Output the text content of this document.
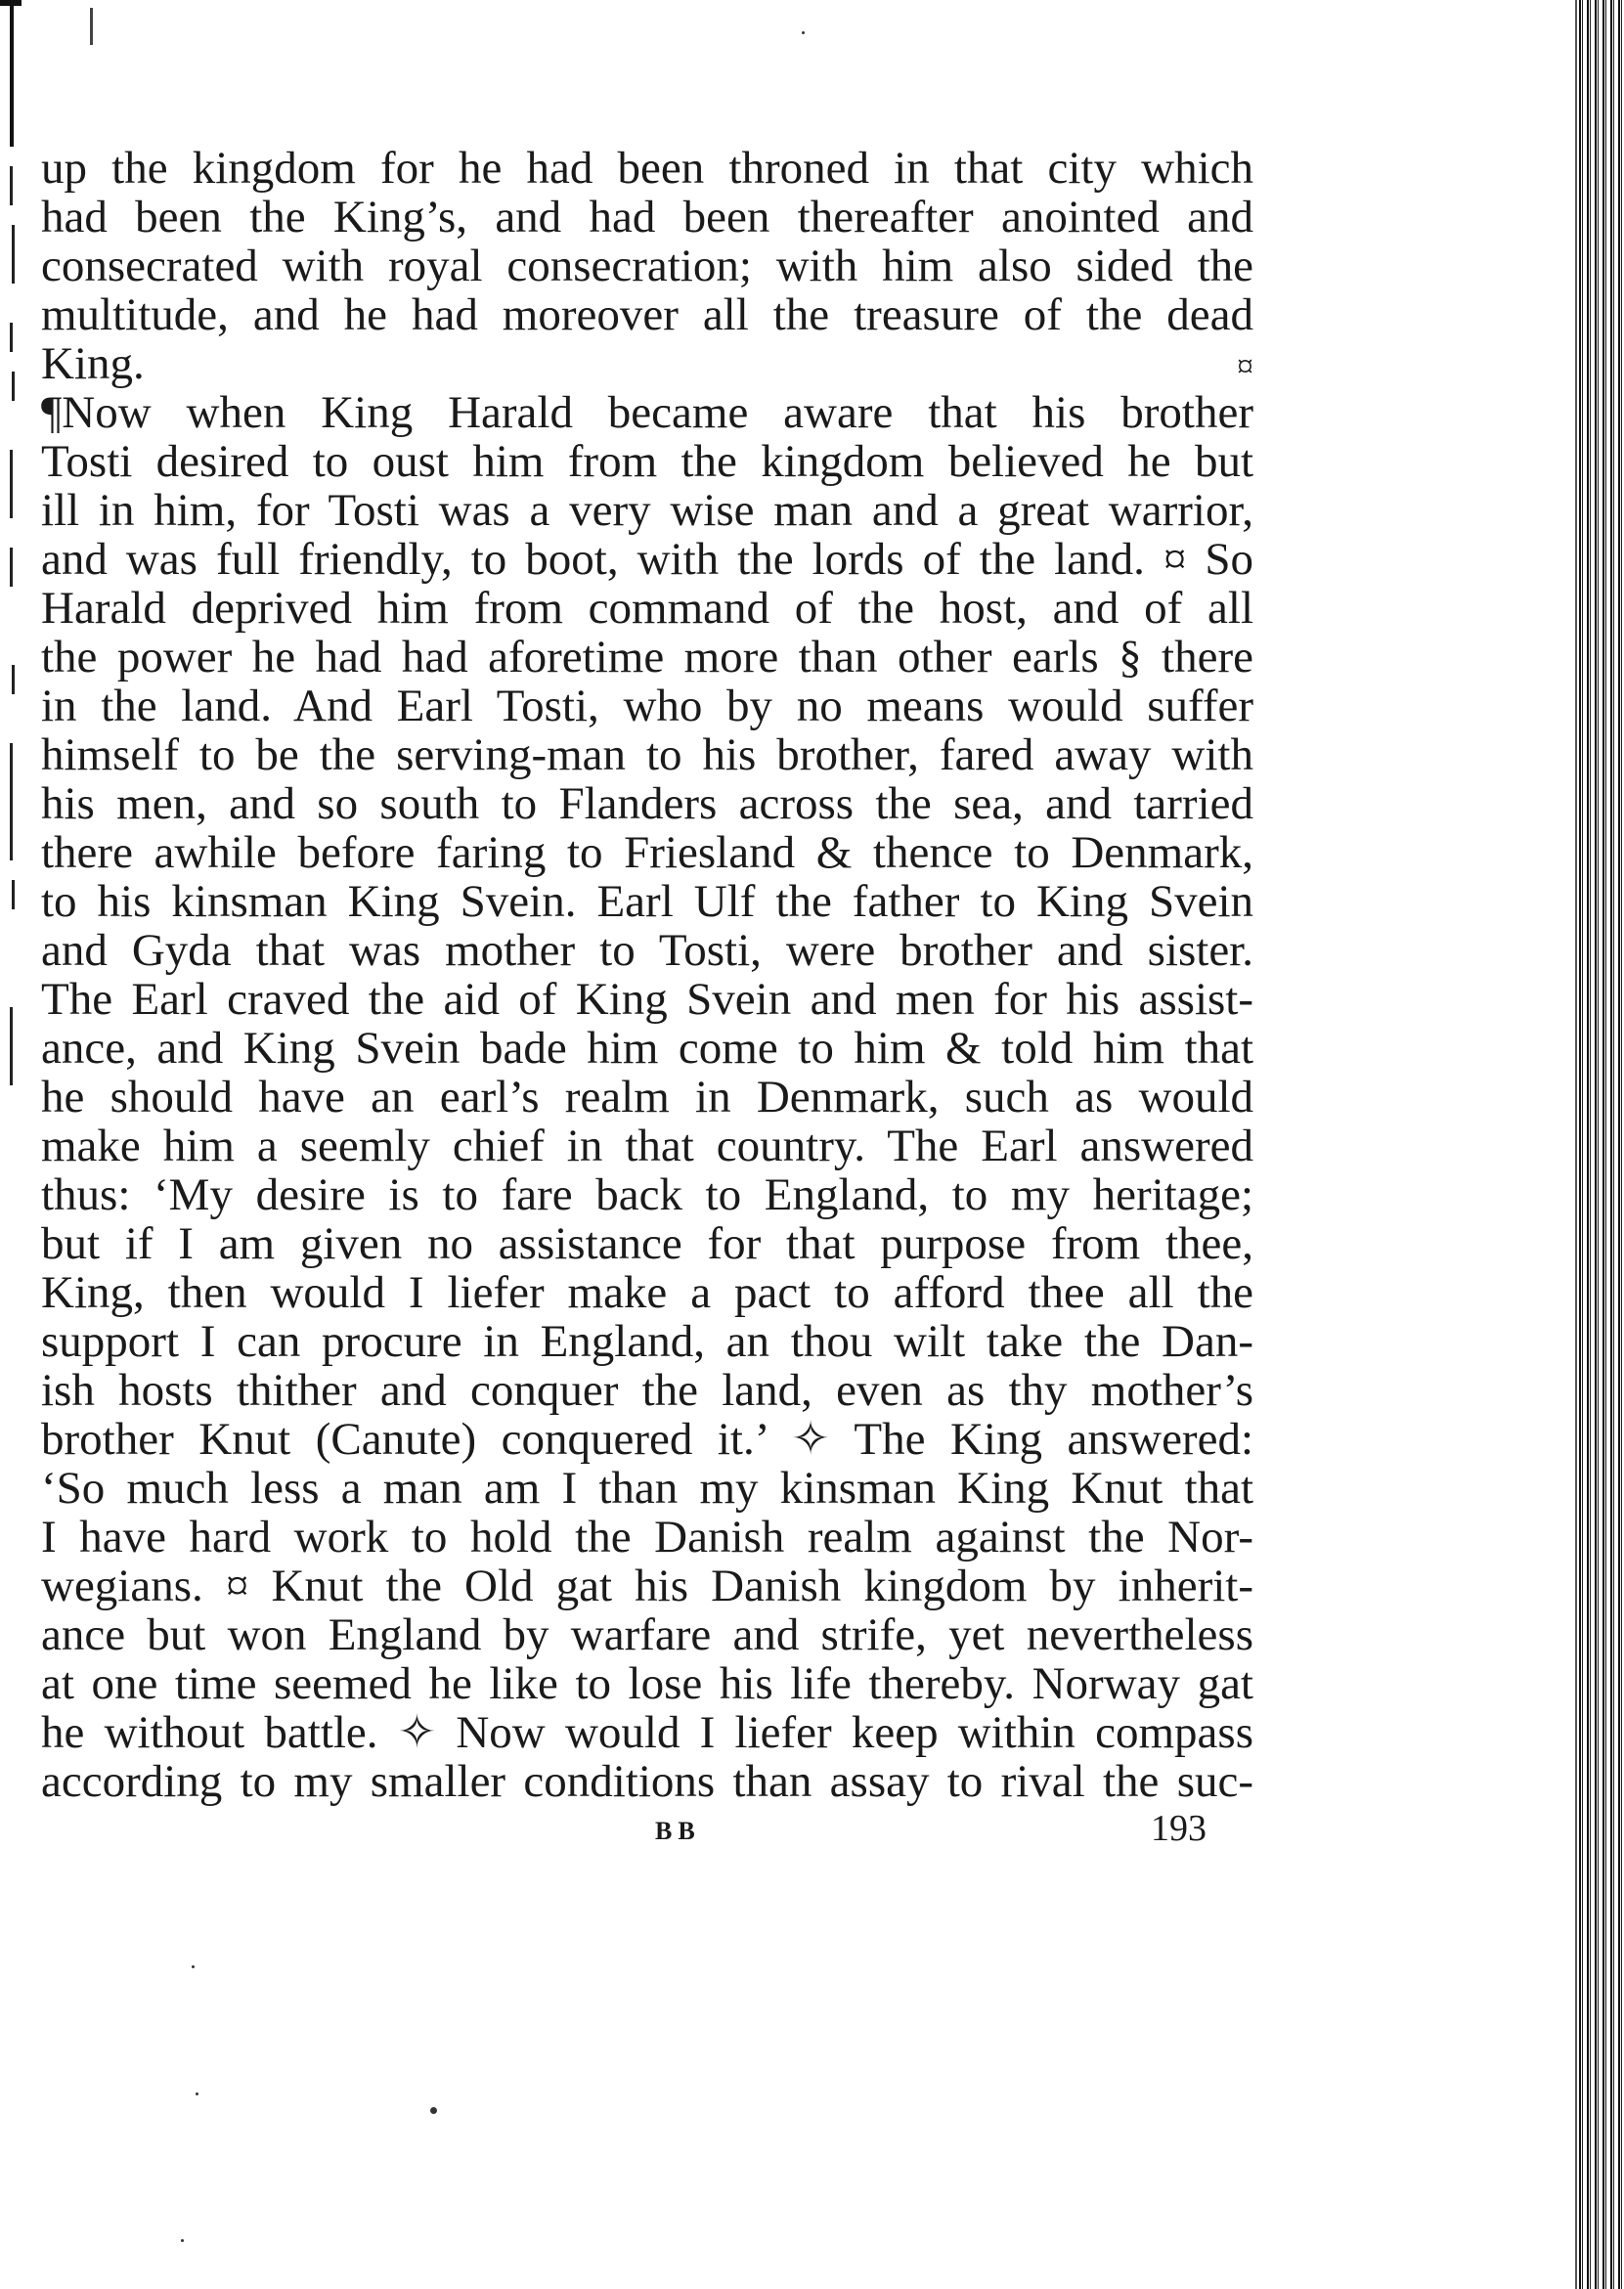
up the kingdom for he had been throned in that city which
had been the King’s, and had been thereafter anointed and
consecrated with royal consecration; with him also sided the
multitude, and he had moreover all the treasure of the dead
King.	¤
¶Now when King Harald became aware that his brother
Tosti desired to oust him from the kingdom believed he but
ill in him, for Tosti was a very wise man and a great warrior,
and was full friendly, to boot, with the lords of the land. ¤ So
Harald deprived him from command of the host, and of all
the power he had had aforetime more than other earls § there
in the land. And Earl Tosti, who by no means would suffer
himself to be the serving-man to his brother, fared away with
his men, and so south to Flanders across the sea, and tarried
there awhile before faring to Friesland & thence to Denmark,
to his kinsman King Svein. Earl Ulf the father to King Svein
and Gyda that was mother to Tosti, were brother and sister.
The Earl craved the aid of King Svein and men for his assist-
ance, and King Svein bade him come to him & told him that
he should have an earl’s realm in Denmark, such as would
make him a seemly chief in that country. The Earl answered
thus: ‘My desire is to fare back to England, to my heritage;
but if I am given no assistance for that purpose from thee,
King, then would I liefer make a pact to afford thee all the
support I can procure in England, an thou wilt take the Dan-
ish hosts thither and conquer the land, even as thy mother’s
brother Knut (Canute) conquered it.’ ✧ The King answered:
‘So much less a man am I than my kinsman King Knut that
I have hard work to hold the Danish realm against the Nor-
wegians. ¤ Knut the Old gat his Danish kingdom by inherit-
ance but won England by warfare and strife, yet nevertheless
at one time seemed he like to lose his life thereby. Norway gat
he without battle. ✧ Now would I liefer keep within compass
according to my smaller conditions than assay to rival the suc-
BB	193
